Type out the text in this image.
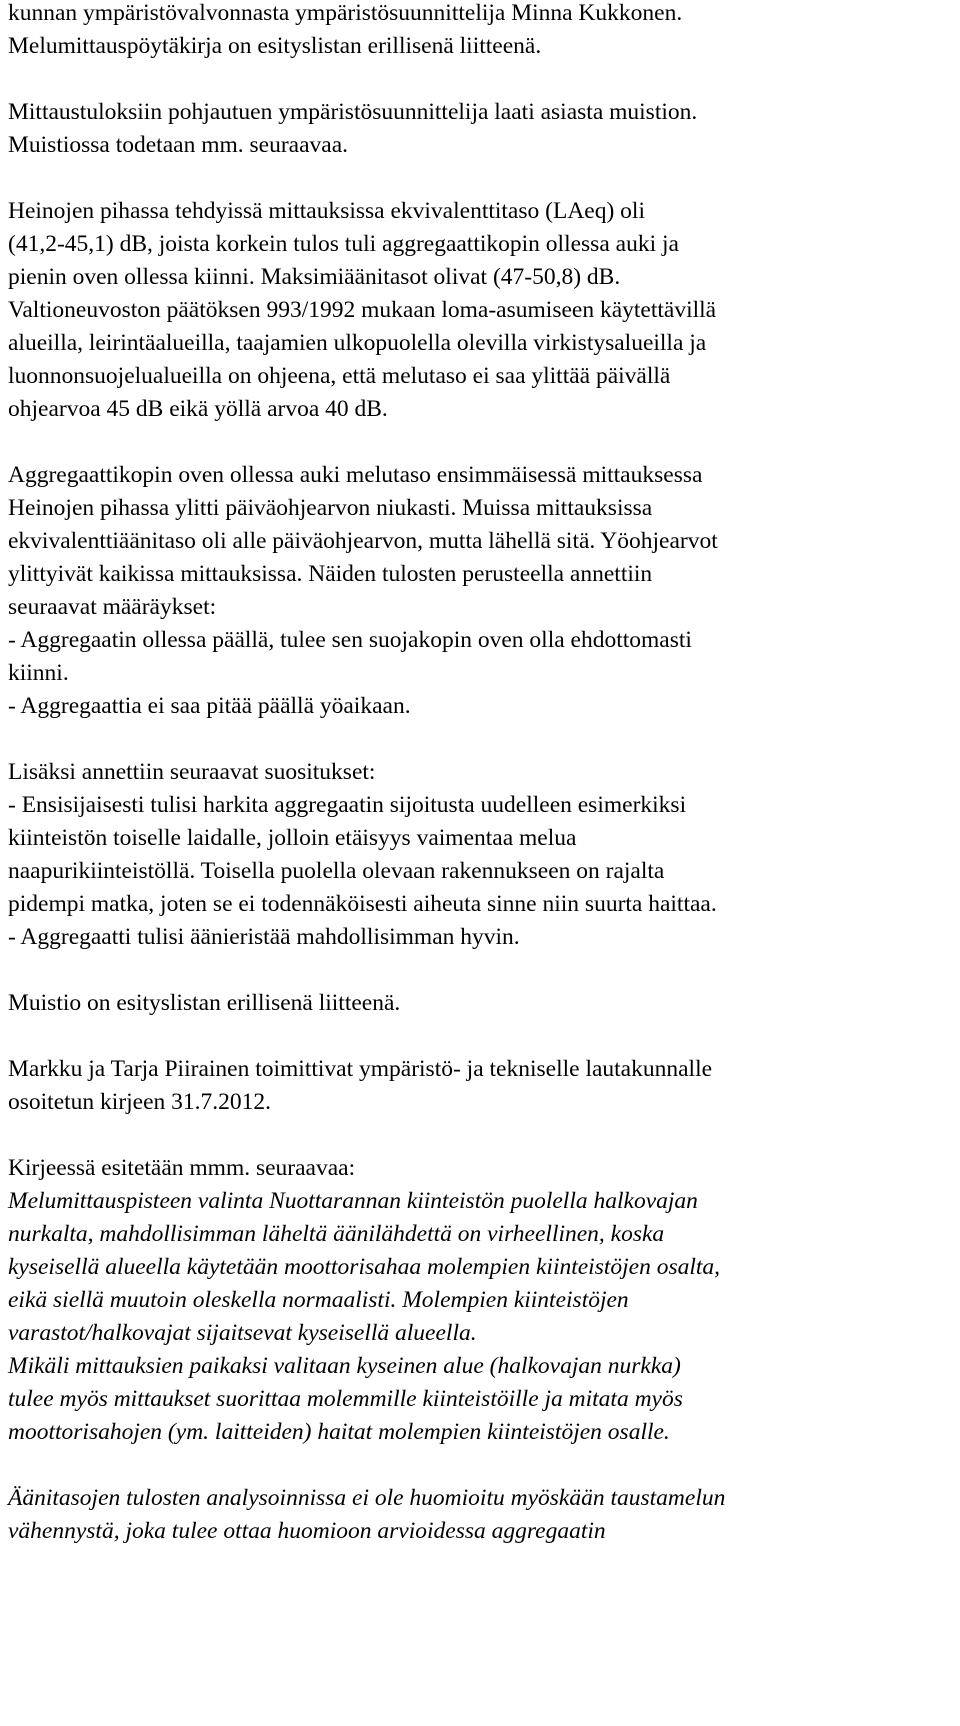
kunnan ympäristövalvonnasta ympäristösuunnittelija Minna Kukkonen.
Melumittauspöytäkirja on esityslistan erillisenä liitteenä.
Mittaustuloksiin pohjautuen ympäristösuunnittelija laati asiasta muistion.
Muistiossa todetaan mm. seuraavaa.
Heinojen pihassa tehdyissä mittauksissa ekvivalenttitaso (LAeq) oli
(41,2-45,1) dB, joista korkein tulos tuli aggregaattikopin ollessa auki ja
pienin oven ollessa kiinni. Maksimiäänitasot olivat (47-50,8) dB.
Valtioneuvoston päätöksen 993/1992 mukaan loma-asumiseen käytettävillä
alueilla, leirintäalueilla, taajamien ulkopuolella olevilla virkistysalueilla ja
luonnonsuojelualueilla on ohjeena, että melutaso ei saa ylittää päivällä
ohjearvoa 45 dB eikä yöllä arvoa 40 dB.
Aggregaattikopin oven ollessa auki melutaso ensimmäisessä mittauksessa
Heinojen pihassa ylitti päiväohjearvon niukasti. Muissa mittauksissa
ekvivalenttiäänitaso oli alle päiväohjearvon, mutta lähellä sitä. Yöohjearvot
ylittyivät kaikissa mittauksissa. Näiden tulosten perusteella annettiin
seuraavat määräykset:
- Aggregaatin ollessa päällä, tulee sen suojakopin oven olla ehdottomasti
kiinni.
- Aggregaattia ei saa pitää päällä yöaikaan.
Lisäksi annettiin seuraavat suositukset:
- Ensisijaisesti tulisi harkita aggregaatin sijoitusta uudelleen esimerkiksi
kiinteistön toiselle laidalle, jolloin etäisyys vaimentaa melua
naapurikiinteistöllä. Toisella puolella olevaan rakennukseen on rajalta
pidempi matka, joten se ei todennäköisesti aiheuta sinne niin suurta haittaa.
- Aggregaatti tulisi äänieristää mahdollisimman hyvin.
Muistio on esityslistan erillisenä liitteenä.
Markku ja Tarja Piirainen toimittivat ympäristö- ja tekniselle lautakunnalle
osoitetun kirjeen 31.7.2012.
Kirjeessä esitetään mmm. seuraavaa:
Melumittauspisteen valinta Nuottarannan kiinteistön puolella halkovajan
nurkalta, mahdollisimman läheltä äänilähdettä on virheellinen, koska
kyseisellä alueella käytetään moottorisahaa molempien kiinteistöjen osalta,
eikä siellä muutoin oleskella normaalisti. Molempien kiinteistöjen
varastot/halkovajat sijaitsevat kyseisellä alueella.
Mikäli mittauksien paikaksi valitaan kyseinen alue (halkovajan nurkka)
tulee myös mittaukset suorittaa molemmille kiinteistöille ja mitata myös
moottorisahojen (ym. laitteiden) haitat molempien kiinteistöjen osalle.
Äänitasojen tulosten analysoinnissa ei ole huomioitu myöskään taustamelun
vähennystä, joka tulee ottaa huomioon arvioidessa aggregaatin
